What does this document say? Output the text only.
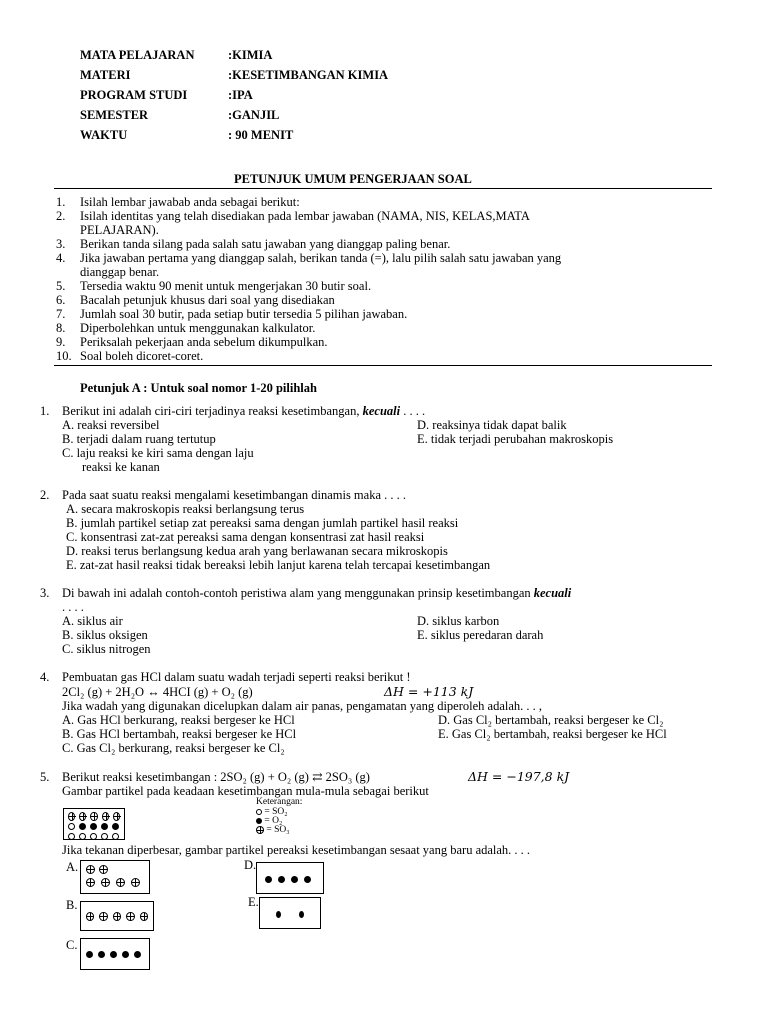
MATA PELAJARAN	:KIMIA
MATERI	:KESETIMBANGAN KIMIA
PROGRAM STUDI	:IPA
SEMESTER	:GANJIL
WAKTU	: 90 MENIT
PETUNJUK UMUM PENGERJAAN SOAL
1. Isilah lembar jawabab anda sebagai berikut:
2. Isilah identitas yang telah disediakan pada lembar jawaban (NAMA, NIS, KELAS,MATA
PELAJARAN).
3. Berikan tanda silang pada salah satu jawaban yang dianggap paling benar.
4. Jika jawaban pertama yang dianggap salah, berikan tanda (=), lalu pilih salah satu jawaban yang
dianggap benar.
5. Tersedia waktu 90 menit untuk mengerjakan 30 butir soal.
6. Bacalah petunjuk khusus dari soal yang disediakan
7. Jumlah soal 30 butir, pada setiap butir tersedia 5 pilihan jawaban.
8. Diperbolehkan untuk menggunakan kalkulator.
9. Periksalah pekerjaan anda sebelum dikumpulkan.
10. Soal boleh dicoret-coret.
Petunjuk A : Untuk soal nomor 1-20 pilihlah
1. Berikut ini adalah ciri-ciri terjadinya reaksi kesetimbangan, kecuali . . . .
A. reaksi reversibel
B. terjadi dalam ruang tertutup
C. laju reaksi ke kiri sama dengan laju
reaksi ke kanan
D. reaksinya tidak dapat balik
E. tidak terjadi perubahan makroskopis
2. Pada saat suatu reaksi mengalami kesetimbangan dinamis maka . . . .
A. secara makroskopis reaksi berlangsung terus
B. jumlah partikel setiap zat pereaksi sama dengan jumlah partikel hasil reaksi
C. konsentrasi zat-zat pereaksi sama dengan konsentrasi zat hasil reaksi
D. reaksi terus berlangsung kedua arah yang berlawanan secara mikroskopis
E. zat-zat hasil reaksi tidak bereaksi lebih lanjut karena telah tercapai kesetimbangan
3. Di bawah ini adalah contoh-contoh peristiwa alam yang menggunakan prinsip kesetimbangan kecuali
. . . .
A. siklus air
B. siklus oksigen
C. siklus nitrogen
D. siklus karbon
E. siklus peredaran darah
4. Pembuatan gas HCl dalam suatu wadah terjadi seperti reaksi berikut !
2Cl₂ (g) + 2H₂O ↔ 4HCI (g) + O₂ (g)	ΔH = +113 kJ
Jika wadah yang digunakan dicelupkan dalam air panas, pengamatan yang diperoleh adalah. . . ,
A. Gas HCl berkurang, reaksi bergeser ke HCl
B. Gas HCl bertambah, reaksi bergeser ke HCl
C. Gas Cl₂ berkurang, reaksi bergeser ke Cl₂
D. Gas Cl₂ bertambah, reaksi bergeser ke Cl₂
E. Gas Cl₂ bertambah, reaksi bergeser ke HCl
5. Berikut reaksi kesetimbangan : 2SO₂ (g) + O₂ (g) ⇄ 2SO₃ (g)	ΔH = −197,8 kJ
Gambar partikel pada keadaan kesetimbangan mula-mula sebagai berikut
Keterangan:
= SO₂
= O₂
= SO₃
Jika tekanan diperbesar, gambar partikel pereaksi kesetimbangan sesaat yang baru adalah. . . .
A.
B.
C.
D.
E.
